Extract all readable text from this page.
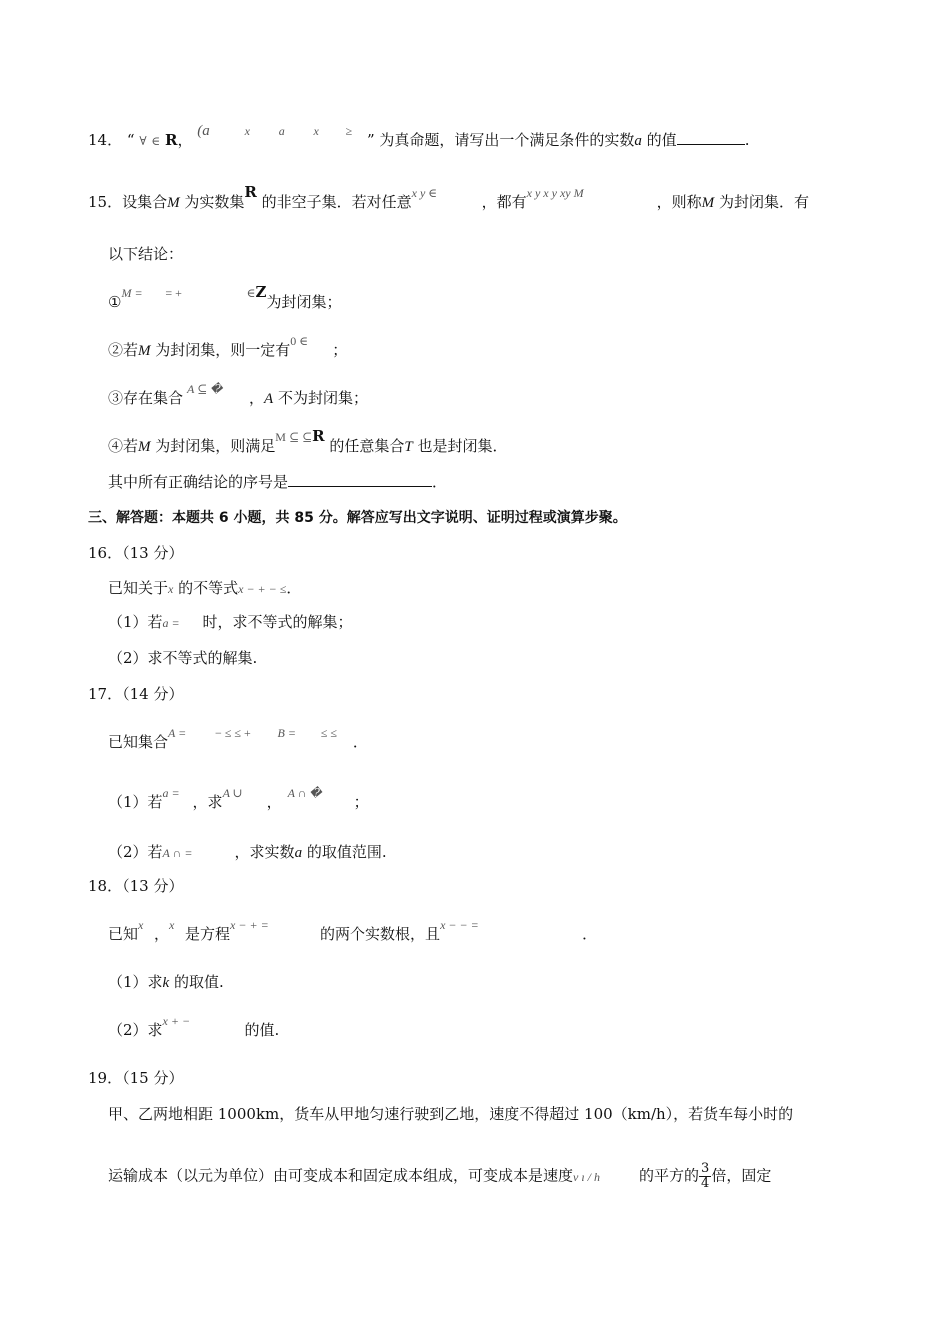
14． “ ∀ ∈ R， (a	$^x$ $^a$ $^x$ ≥ ” 为真命题，请写出一个满足条件的实数a 的值	.
15．设集合M 为实数集R 的非空子集．若对任意x y ∈	，都有x y x y xy M	，则称M 为封闭集．有
以下结论：
①$^{M =}$ = +	∈Z为封闭集；
②若M 为封闭集，则一定有0 ∈ ；
③存在集合 A ⊆ � ，A 不为封闭集；
④若M 为封闭集，则满足$^{M ⊆ ⊆}$R 的任意集合T 也是封闭集．
其中所有正确结论的序号是	．
三、解答题：本题共 6 小题，共 85 分。解答应写出文字说明、证明过程或演算步聚。
16．（13 分）
已知关于x 的不等式x − + − ≤．
（1）若a = 时，求不等式的解集；
（2）求不等式的解集.
17．（14 分）
已知集合$^{A =}$ − ≤ ≤ + $^{B =}$ ≤ ≤ ．
（1）若a = ，求A ∪ ， A ∩ � ；
（2）若A ∩ =	，求实数a 的取值范围.
18．（13 分）
已知x ，x 是方程x − + =	的两个实数根，且x − − =	．
（1）求k 的取值.
（2）求x + −	的值.
19．（15 分）
甲、乙两地相距 1000km，货车从甲地匀速行驶到乙地，速度不得超过 100（km/h），若货车每小时的
运输成本（以元为单位）由可变成本和固定成本组成，可变成本是速度v ı / h	的平方的 $\frac{3}{4}$ 倍，固定
